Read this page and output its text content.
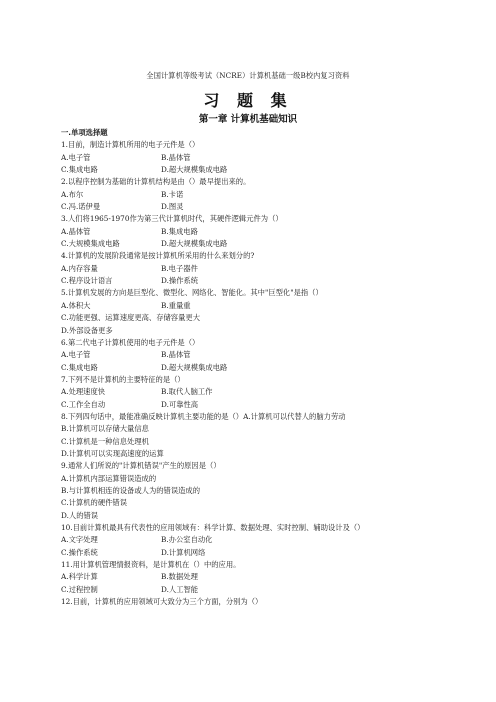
全国计算机等级考试（NCRE）计算机基础一级B校内复习资料
习 题 集
第一章 计算机基础知识
一.单项选择题
1.目前，制造计算机所用的电子元件是（）
A.电子管	B.晶体管
C.集成电路	D.超大规模集成电路
2.以程序控制为基础的计算机结构是由（）最早提出来的。
A.布尔	B.卡诺
C.冯.诺伊曼	D.图灵
3.人们将1965-1970作为第三代计算机时代，其硬件逻辑元件为（）
A.晶体管	B.集成电路
C.大规模集成电路	D.超大规模集成电路
4.计算机的发展阶段通常是按计算机所采用的什么来划分的?
A.内存容量	B.电子器件
C.程序设计语言	D.操作系统
5.计算机发展的方向是巨型化、微型化、网络化、智能化。其中"巨型化"是指（）
A.体积大	B.重量重
C.功能更强、运算速度更高、存储容量更大
D.外部设备更多
6.第二代电子计算机使用的电子元件是（）
A.电子管	B.晶体管
C.集成电路	D.超大规模集成电路
7.下列不是计算机的主要特征的是（）
A.处理速度快	B.取代人脑工作
C.工作全自动	D.可靠性高
8.下列四句话中，最能准确反映计算机主要功能的是（）A.计算机可以代替人的脑力劳动
B.计算机可以存储大量信息
C.计算机是一种信息处理机
D.计算机可以实现高速度的运算
9.通常人们所说的"计算机错误"产生的原因是（）
A.计算机内部运算错误造成的
B.与计算机相连的设备或人为的错误造成的
C.计算机的硬件错误
D.人的错误
10.目前计算机最具有代表性的应用领域有：科学计算、数据处理、实时控制、辅助设计及（）
A.文字处理	B.办公室自动化
C.操作系统	D.计算机网络
11.用计算机管理情报资料，是计算机在（）中的应用。
A.科学计算	B.数据处理
C.过程控制	D.人工智能
12.目前，计算机的应用领域可大致分为三个方面，分别为（）
